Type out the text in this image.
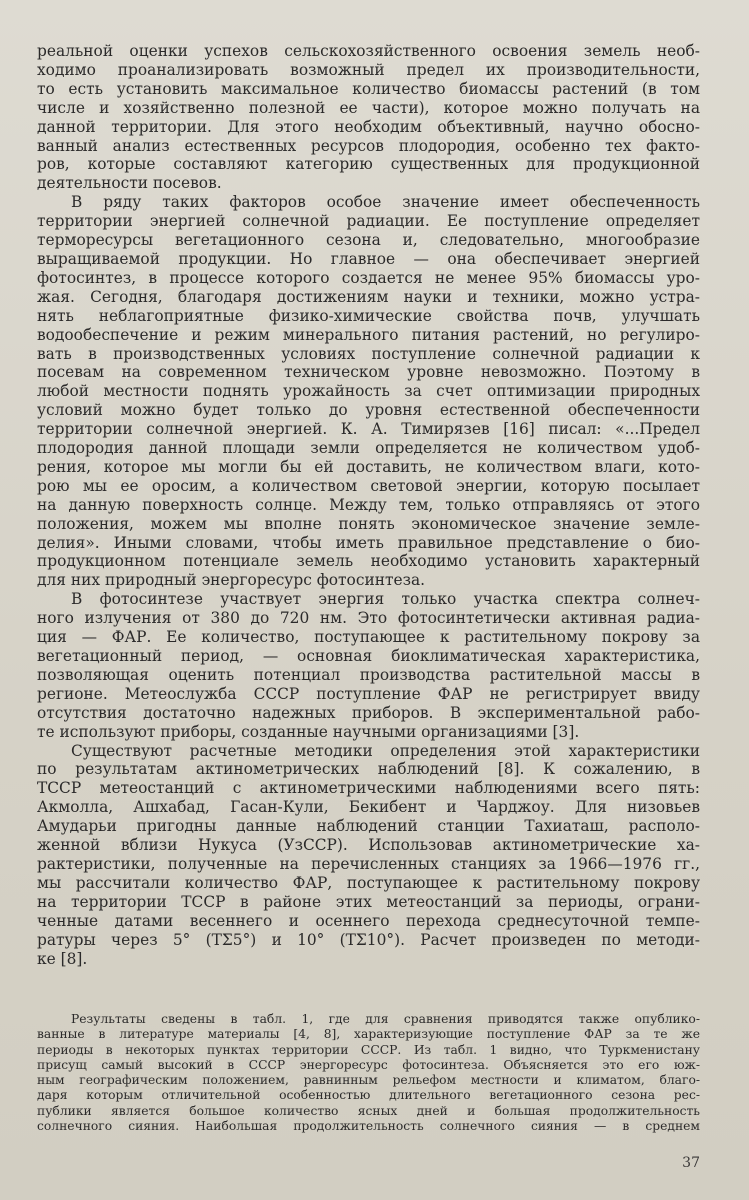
реальной оценки успехов сельскохозяйственного освоения земель необ-
ходимо проанализировать возможный предел их производительности,
то есть установить максимальное количество биомассы растений (в том
числе и хозяйственно полезной ее части), которое можно получать на
данной территории. Для этого необходим объективный, научно обосно-
ванный анализ естественных ресурсов плодородия, особенно тех факто-
ров, которые составляют категорию существенных для продукционной
деятельности посевов.

В ряду таких факторов особое значение имеет обеспеченность
территории энергией солнечной радиации. Ее поступление определяет
терморесурсы вегетационного сезона и, следовательно, многообразие
выращиваемой продукции. Но главное — она обеспечивает энергией
фотосинтез, в процессе которого создается не менее 95% биомассы уро-
жая. Сегодня, благодаря достижениям науки и техники, можно устра-
нять неблагоприятные физико-химические свойства почв, улучшать
водообеспечение и режим минерального питания растений, но регулиро-
вать в производственных условиях поступление солнечной радиации к
посевам на современном техническом уровне невозможно. Поэтому в
любой местности поднять урожайность за счет оптимизации природных
условий можно будет только до уровня естественной обеспеченности
территории солнечной энергией. К. А. Тимирязев [16] писал: «...Предел
плодородия данной площади земли определяется не количеством удоб-
рения, которое мы могли бы ей доставить, не количеством влаги, кото-
рою мы ее оросим, а количеством световой энергии, которую посылает
на данную поверхность солнце. Между тем, только отправляясь от этого
положения, можем мы вполне понять экономическое значение земле-
делия». Иными словами, чтобы иметь правильное представление о био-
продукционном потенциале земель необходимо установить характерный
для них природный энергоресурс фотосинтеза.

В фотосинтезе участвует энергия только участка спектра солнеч-
ного излучения от 380 до 720 нм. Это фотосинтетически активная радиа-
ция — ФАР. Ее количество, поступающее к растительному покрову за
вегетационный период, — основная биоклиматическая характеристика,
позволяющая оценить потенциал производства растительной массы в
регионе. Метеослужба СССР поступление ФАР не регистрирует ввиду
отсутствия достаточно надежных приборов. В экспериментальной рабо-
те используют приборы, созданные научными организациями [3].

Существуют расчетные методики определения этой характеристики
по результатам актинометрических наблюдений [8]. К сожалению, в
ТССР метеостанций с актинометрическими наблюдениями всего пять:
Акмолла, Ашхабад, Гасан-Кули, Бекибент и Чарджоу. Для низовьев
Амударьи пригодны данные наблюдений станции Тахиаташ, располо-
женной вблизи Нукуса (УзССР). Использовав актинометрические ха-
рактеристики, полученные на перечисленных станциях за 1966—1976 гг.,
мы рассчитали количество ФАР, поступающее к растительному покрову
на территории ТССР в районе этих метеостанций за периоды, ограни-
ченные датами весеннего и осеннего перехода среднесуточной темпе-
ратуры через 5° (TΣ5°) и 10° (TΣ10°). Расчет произведен по методи-
ке [8].

Результаты сведены в табл. 1, где для сравнения приводятся также опублико-
ванные в литературе материалы [4, 8], характеризующие поступление ФАР за те же
периоды в некоторых пунктах территории СССР. Из табл. 1 видно, что Туркменистану
присущ самый высокий в СССР энергоресурс фотосинтеза. Объясняется это его юж-
ным географическим положением, равнинным рельефом местности и климатом, благо-
даря которым отличительной особенностью длительного вегетационного сезона рес-
публики является большое количество ясных дней и большая продолжительность
солнечного сияния. Наибольшая продолжительность солнечного сияния — в среднем
37
